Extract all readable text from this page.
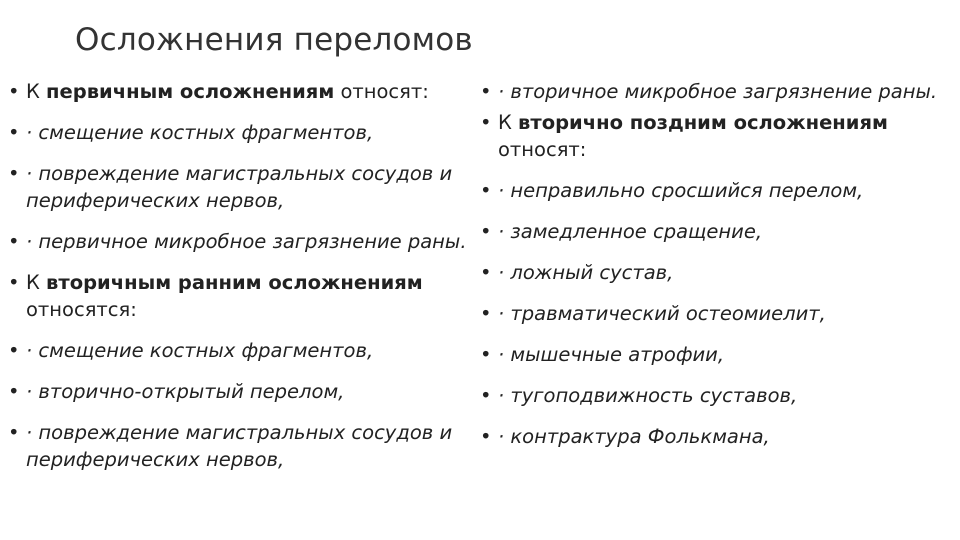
Осложнения переломов
• К первичным осложнениям относят:
• · смещение костных фрагментов,
• · повреждение магистральных сосудов и периферических нервов,
• · первичное микробное загрязнение раны.
• К вторичным ранним осложнениям относятся:
• · смещение костных фрагментов,
• · вторично-открытый перелом,
• · повреждение магистральных сосудов и периферических нервов,
• · вторичное микробное загрязнение раны.
• К вторично поздним осложнениям относят:
• · неправильно сросшийся перелом,
• · замедленное сращение,
• · ложный сустав,
• · травматический остеомиелит,
• · мышечные атрофии,
• · тугоподвижность суставов,
• · контрактура Фолькмана,
